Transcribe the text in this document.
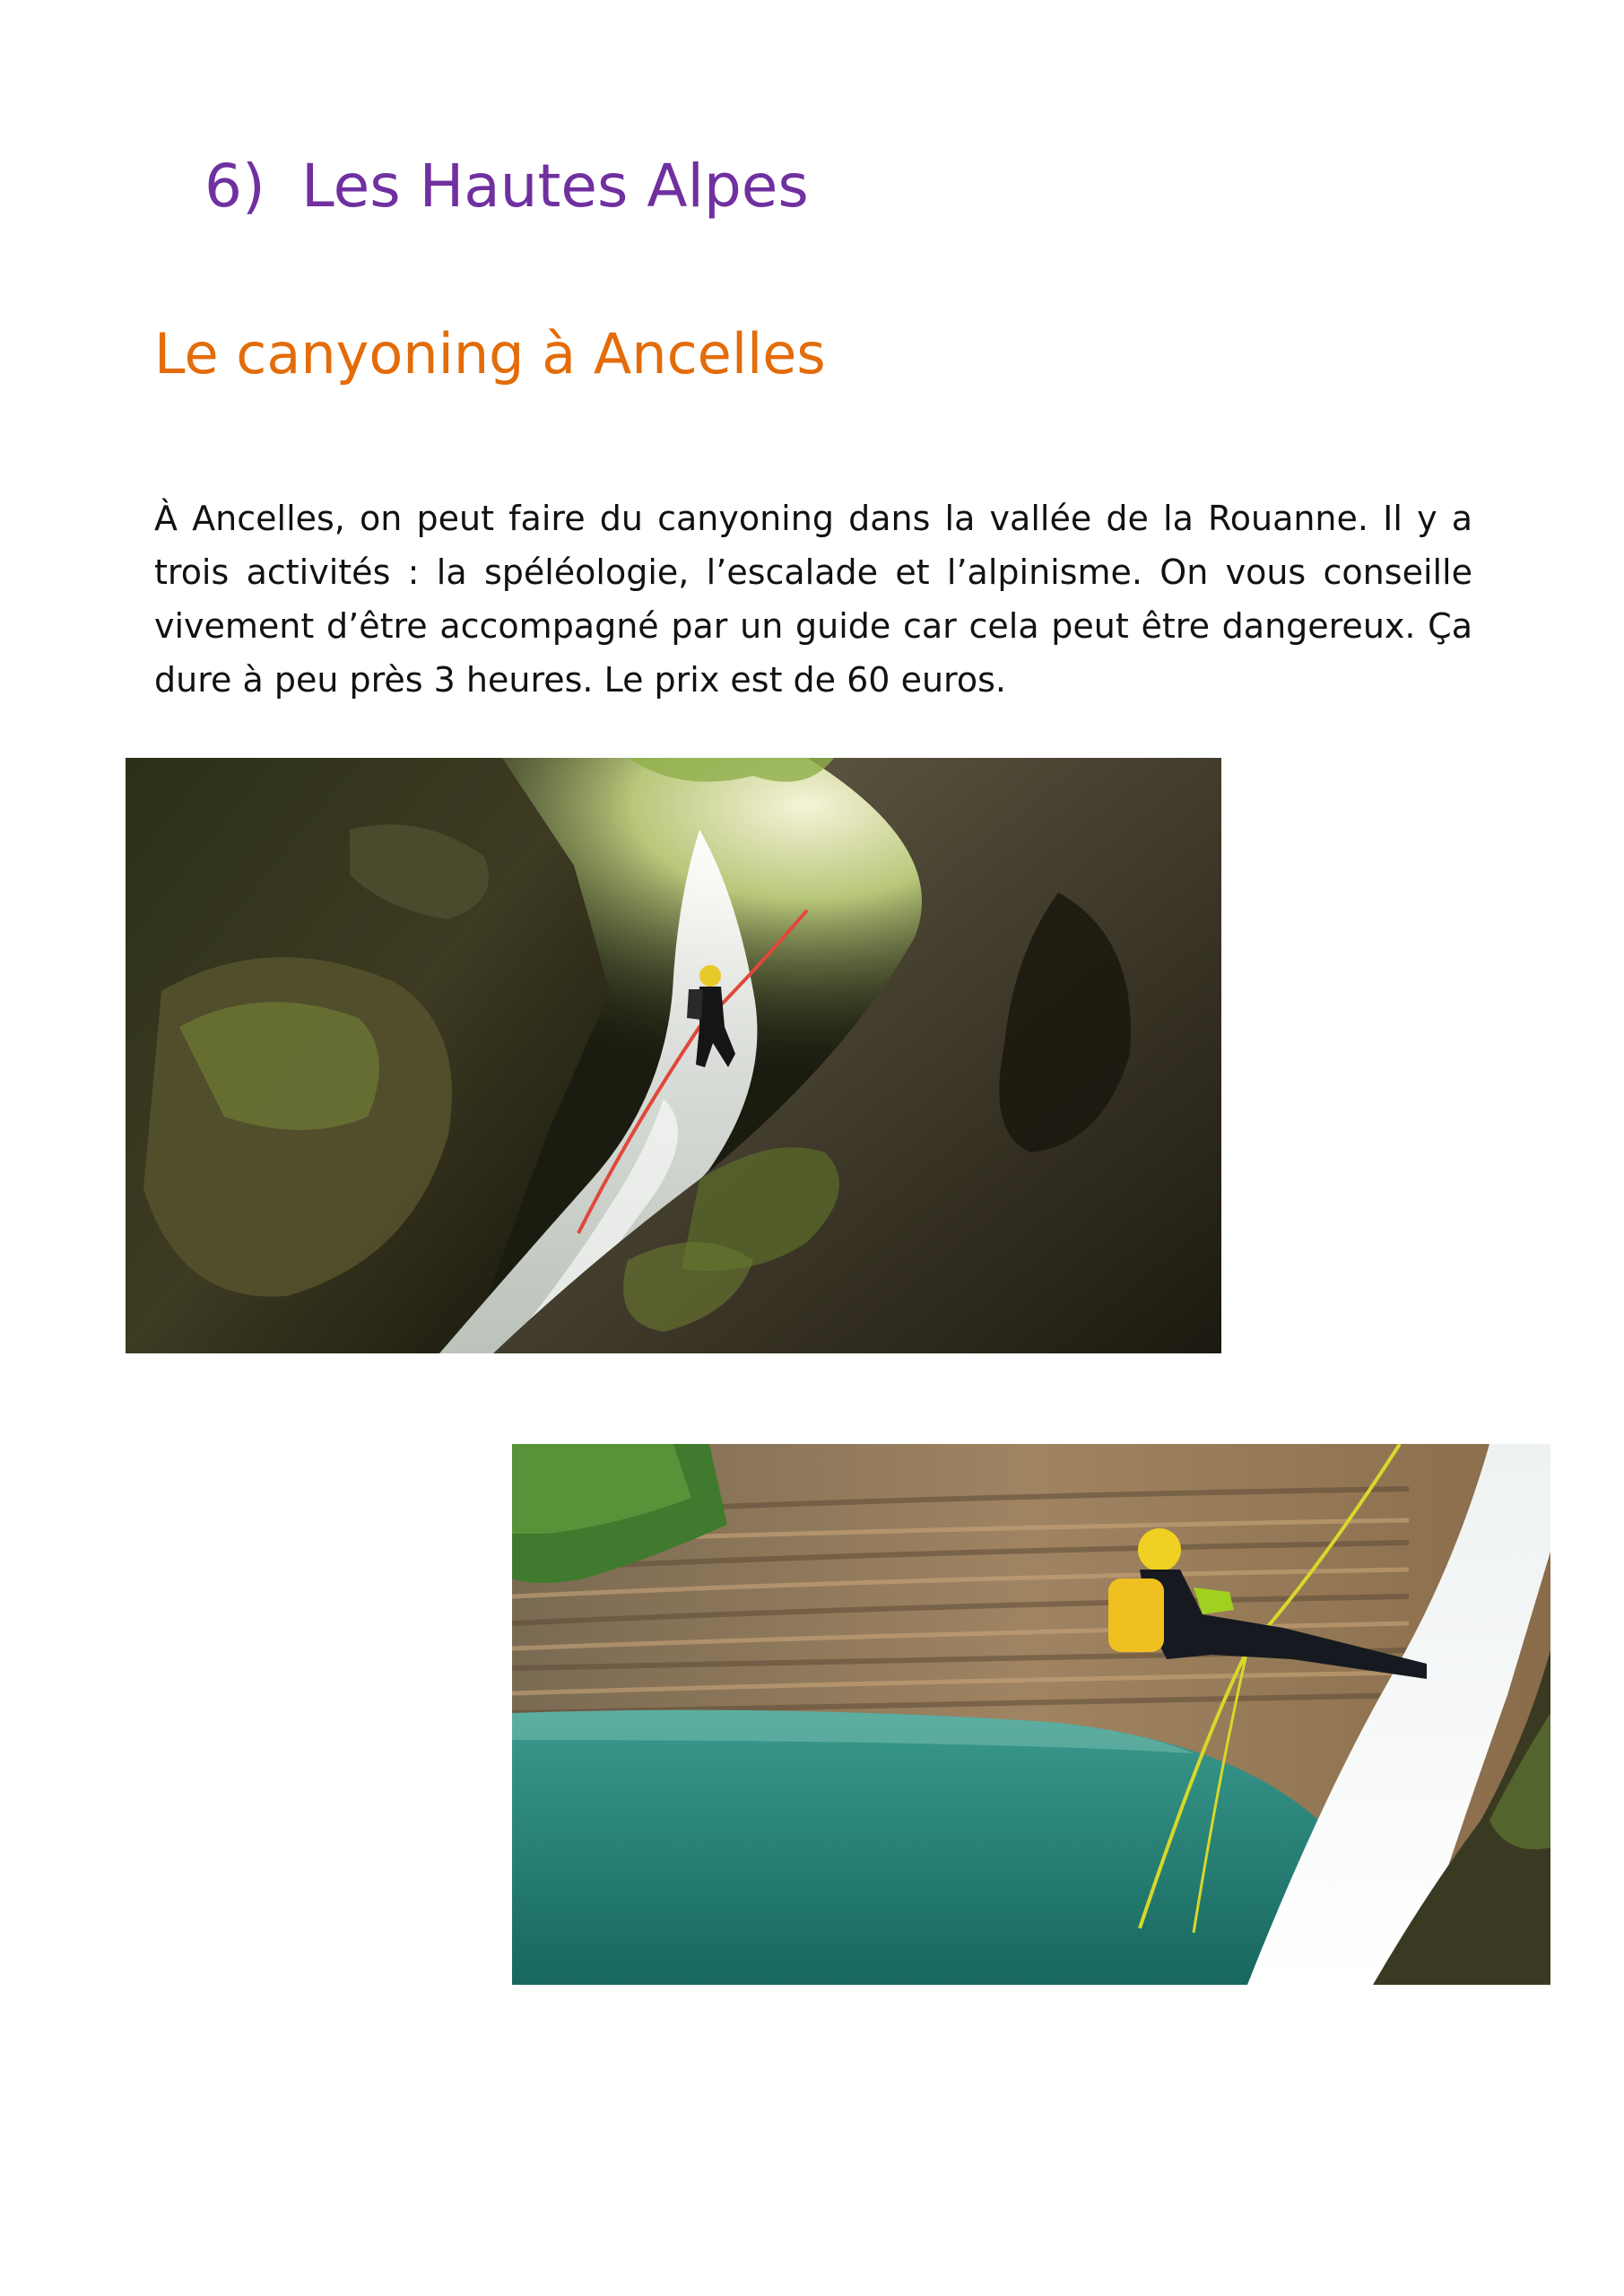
6) Les Hautes Alpes
Le canyoning à Ancelles

À Ancelles, on peut faire du canyoning dans la vallée de la Rouanne. Il y a trois activités : la spéléologie, l’escalade et l’alpinisme. On vous conseille vivement d’être accompagné par un guide car cela peut être dangereux. Ça dure à peu près 3 heures. Le prix est de 60 euros.
